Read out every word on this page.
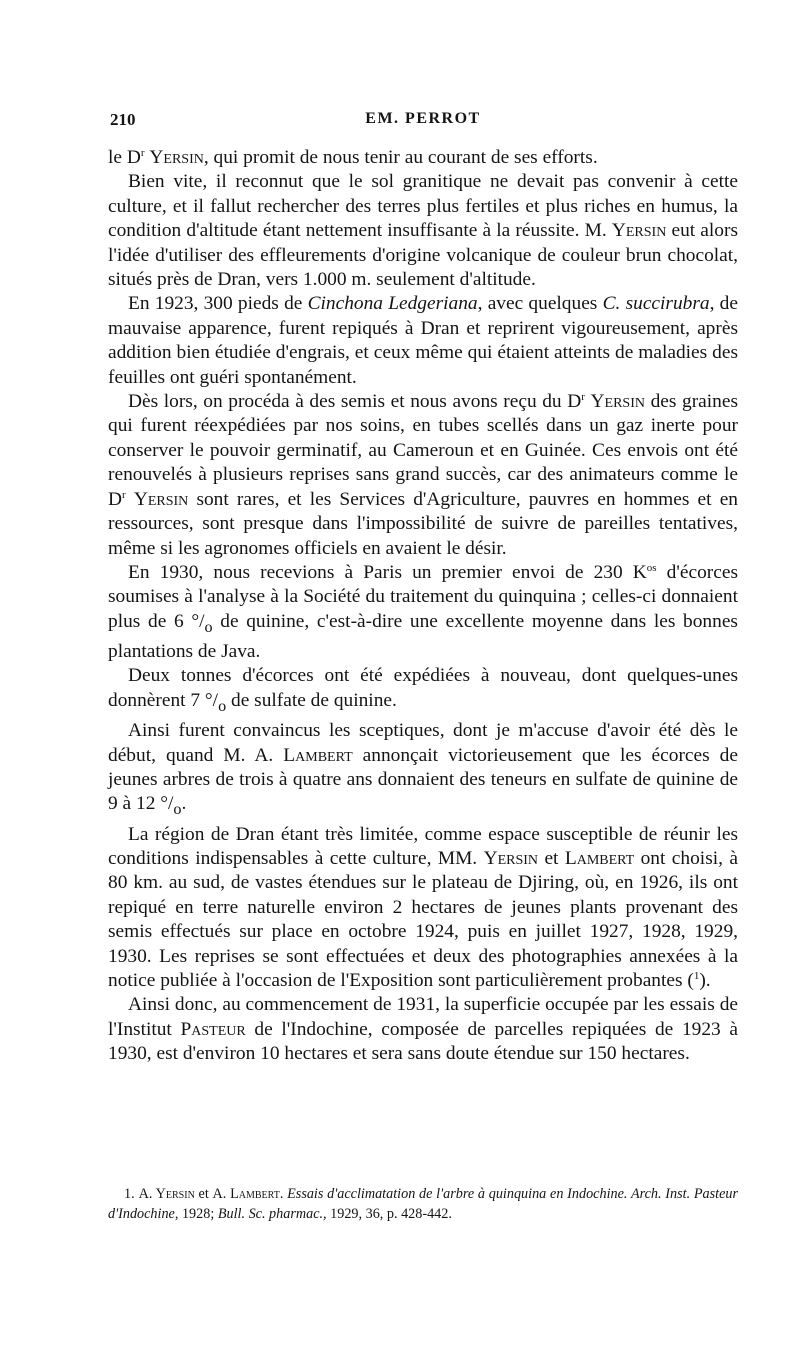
210	EM. PERROT

le $D^r$ Yersin, qui promit de nous tenir au courant de ses efforts.

Bien vite, il reconnut que le sol granitique ne devait pas convenir à cette culture, et il fallut rechercher des terres plus fertiles et plus riches en humus, la condition d'altitude étant nettement insuffisante à la réussite. M. Yersin eut alors l'idée d'utiliser des effleurements d'origine volcanique de couleur brun chocolat, situés près de Dran, vers 1.000 m. seulement d'altitude.

En 1923, 300 pieds de Cinchona Ledgeriana, avec quelques C. succirubra, de mauvaise apparence, furent repiqués à Dran et reprirent vigoureusement, après addition bien étudiée d'engrais, et ceux même qui étaient atteints de maladies des feuilles ont guéri spontanément.

Dès lors, on procéda à des semis et nous avons reçu du $D^r$ Yersin des graines qui furent réexpédiées par nos soins, en tubes scellés dans un gaz inerte pour conserver le pouvoir germinatif, au Cameroun et en Guinée. Ces envois ont été renouvelés à plusieurs reprises sans grand succès, car des animateurs comme le $D^r$ Yersin sont rares, et les Services d'Agriculture, pauvres en hommes et en ressources, sont presque dans l'impossibilité de suivre de pareilles tentatives, même si les agronomes officiels en avaient le désir.

En 1930, nous recevions à Paris un premier envoi de 230 $K^{os}$ d'écorces soumises à l'analyse à la Société du traitement du quinquina ; celles-ci donnaient plus de 6 $^\circ/_o$ de quinine, c'est-à-dire une excellente moyenne dans les bonnes plantations de Java.

Deux tonnes d'écorces ont été expédiées à nouveau, dont quelques-unes donnèrent 7 $^\circ/_o$ de sulfate de quinine.

Ainsi furent convaincus les sceptiques, dont je m'accuse d'avoir été dès le début, quand M. A. Lambert annonçait victorieusement que les écorces de jeunes arbres de trois à quatre ans donnaient des teneurs en sulfate de quinine de 9 à 12 $^\circ/_o$.

La région de Dran étant très limitée, comme espace susceptible de réunir les conditions indispensables à cette culture, MM. Yersin et Lambert ont choisi, à 80 km. au sud, de vastes étendues sur le plateau de Djiring, où, en 1926, ils ont repiqué en terre naturelle environ 2 hectares de jeunes plants provenant des semis effectués sur place en octobre 1924, puis en juillet 1927, 1928, 1929, 1930. Les reprises se sont effectuées et deux des photographies annexées à la notice publiée à l'occasion de l'Exposition sont particulièrement probantes ($^1$).

Ainsi donc, au commencement de 1931, la superficie occupée par les essais de l'Institut Pasteur de l'Indochine, composée de parcelles repiquées de 1923 à 1930, est d'environ 10 hectares et sera sans doute étendue sur 150 hectares.

1. A. Yersin et A. Lambert. Essais d'acclimatation de l'arbre à quinquina en Indochine. Arch. Inst. Pasteur d'Indochine, 1928; Bull. Sc. pharmac., 1929, 36, p. 428-442.
